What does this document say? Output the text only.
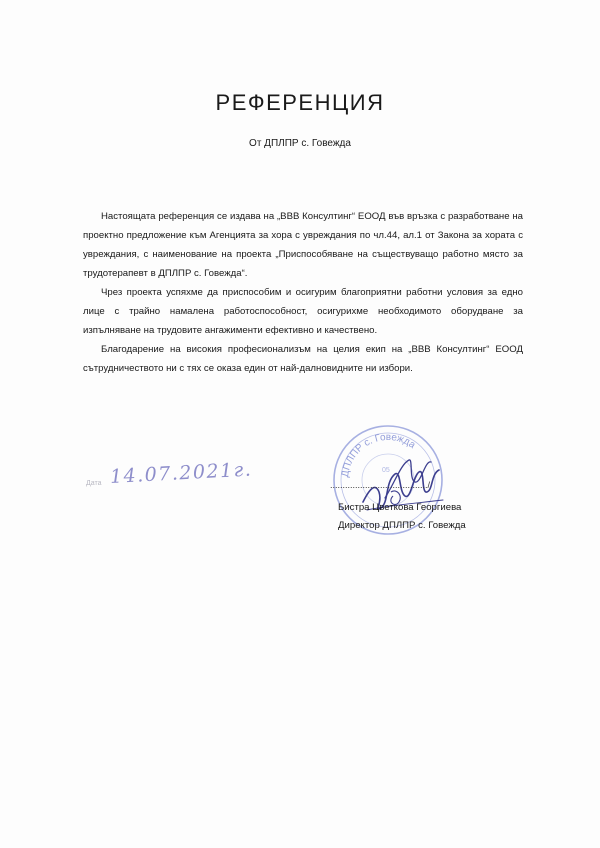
РЕФЕРЕНЦИЯ
От ДПЛПР с. Говежда

Настоящата референция се издава на „ВВВ Консултинг“ ЕООД във връзка с разработване на проектно предложение към Агенцията за хора с увреждания по чл.44, ал.1 от Закона за хората с увреждания, с наименование на проекта „Приспособяване на съществуващо работно място за трудотерапевт в ДПЛПР с. Говежда“.

Чрез проекта успяхме да приспособим и осигурим благоприятни работни условия за едно лице с трайно намалена работоспособност, осигурихме необходимото оборудване за изпълняване на трудовите ангажименти ефективно и качествено.

Благодарение на високия професионализъм на целия екип на „ВВВ Консултинг“ ЕООД сътрудничеството ни с тях се оказа един от най-далновидните ни избори.

ДПЛПР с. Говежда
05
Дата 14.07.2021г.	......................................./
Бистра Цветкова Георгиева
Директор ДПЛПР с. Говежда
